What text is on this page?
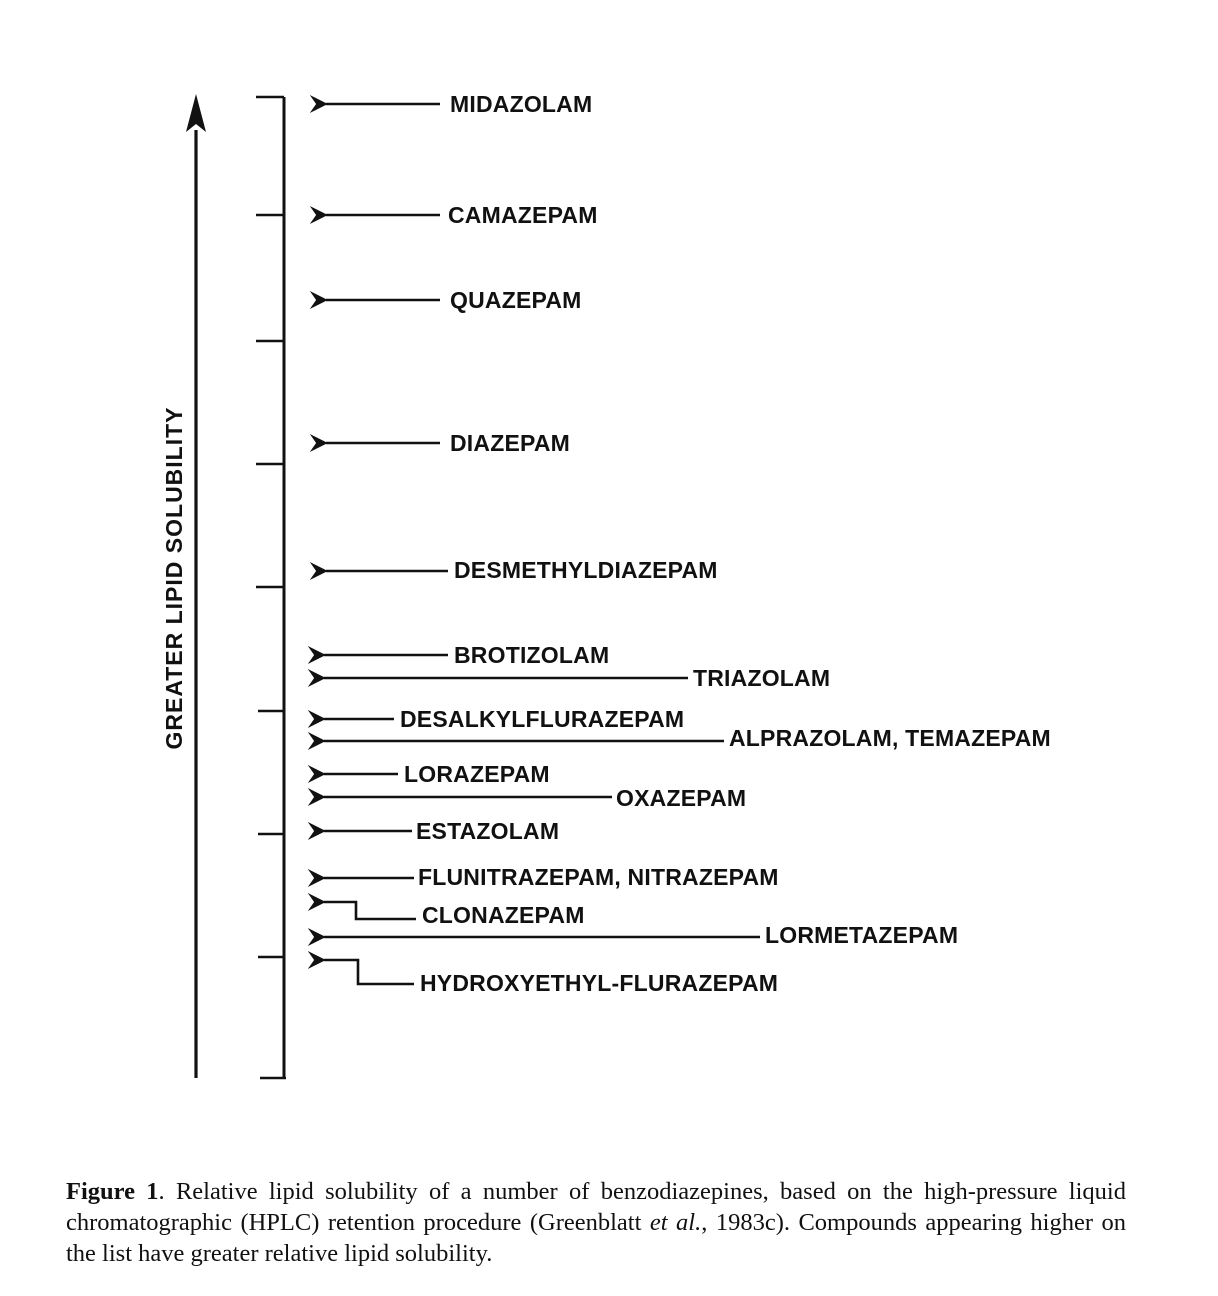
GREATER LIPID SOLUBILITY
MIDAZOLAM
CAMAZEPAM
QUAZEPAM
DIAZEPAM
DESMETHYLDIAZEPAM
BROTIZOLAM
TRIAZOLAM
DESALKYLFLURAZEPAM
ALPRAZOLAM, TEMAZEPAM
LORAZEPAM
OXAZEPAM
ESTAZOLAM
FLUNITRAZEPAM, NITRAZEPAM
CLONAZEPAM
LORMETAZEPAM
HYDROXYETHYL-FLURAZEPAM
Figure 1. Relative lipid solubility of a number of benzodiazepines, based on the high-pressure liquid chromatographic (HPLC) retention procedure (Greenblatt et al., 1983c). Compounds appearing higher on the list have greater relative lipid solubility.
